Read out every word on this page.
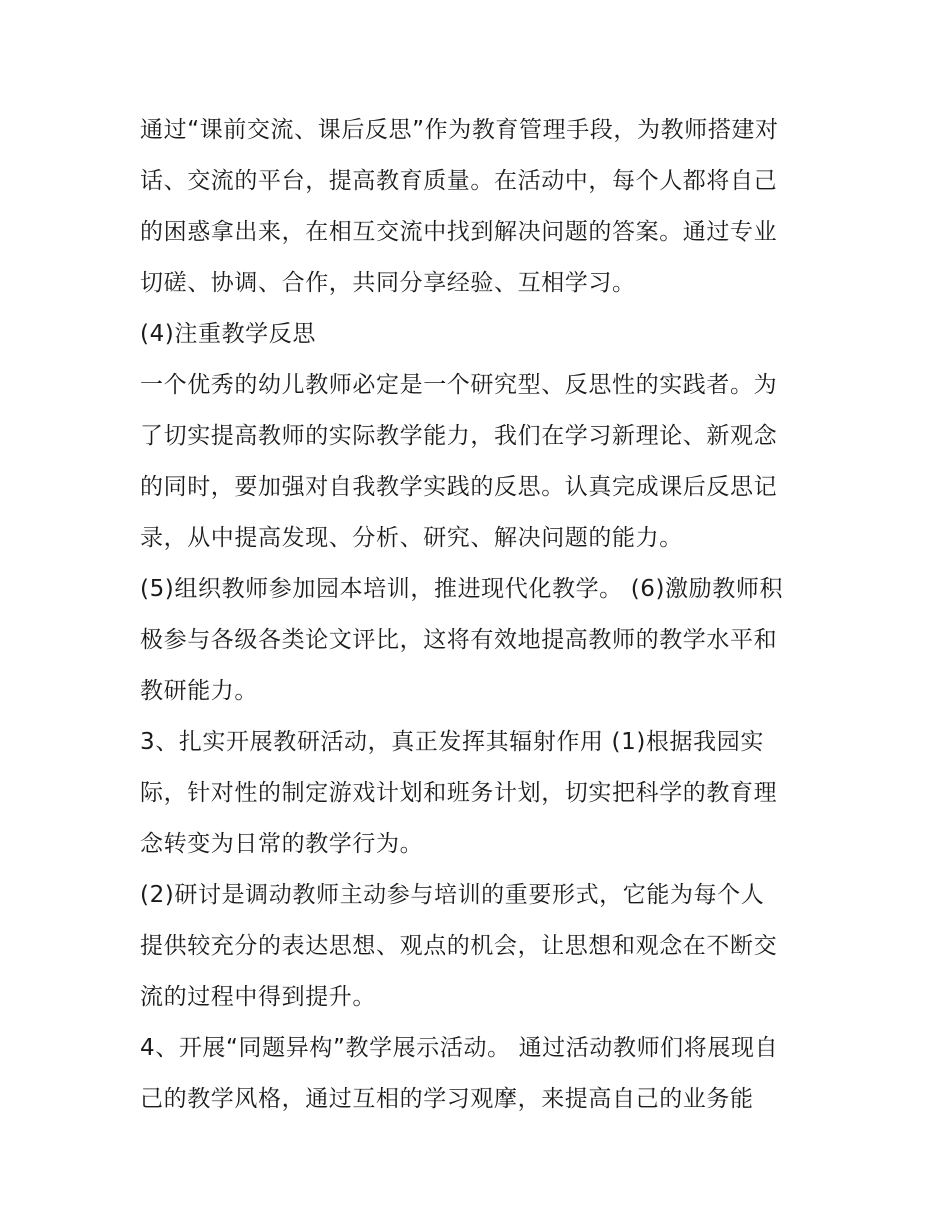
通过“课前交流、课后反思”作为教育管理手段，为教师搭建对
话、交流的平台，提高教育质量。在活动中，每个人都将自己
的困惑拿出来，在相互交流中找到解决问题的答案。通过专业
切磋、协调、合作，共同分享经验、互相学习。
(4)注重教学反思
一个优秀的幼儿教师必定是一个研究型、反思性的实践者。为
了切实提高教师的实际教学能力，我们在学习新理论、新观念
的同时，要加强对自我教学实践的反思。认真完成课后反思记
录，从中提高发现、分析、研究、解决问题的能力。
(5)组织教师参加园本培训，推进现代化教学。 (6)激励教师积
极参与各级各类论文评比，这将有效地提高教师的教学水平和
教研能力。
3、扎实开展教研活动，真正发挥其辐射作用 (1)根据我园实
际，针对性的制定游戏计划和班务计划，切实把科学的教育理
念转变为日常的教学行为。
(2)研讨是调动教师主动参与培训的重要形式，它能为每个人
提供较充分的表达思想、观点的机会，让思想和观念在不断交
流的过程中得到提升。
4、开展“同题异构”教学展示活动。 通过活动教师们将展现自
己的教学风格，通过互相的学习观摩，来提高自己的业务能
